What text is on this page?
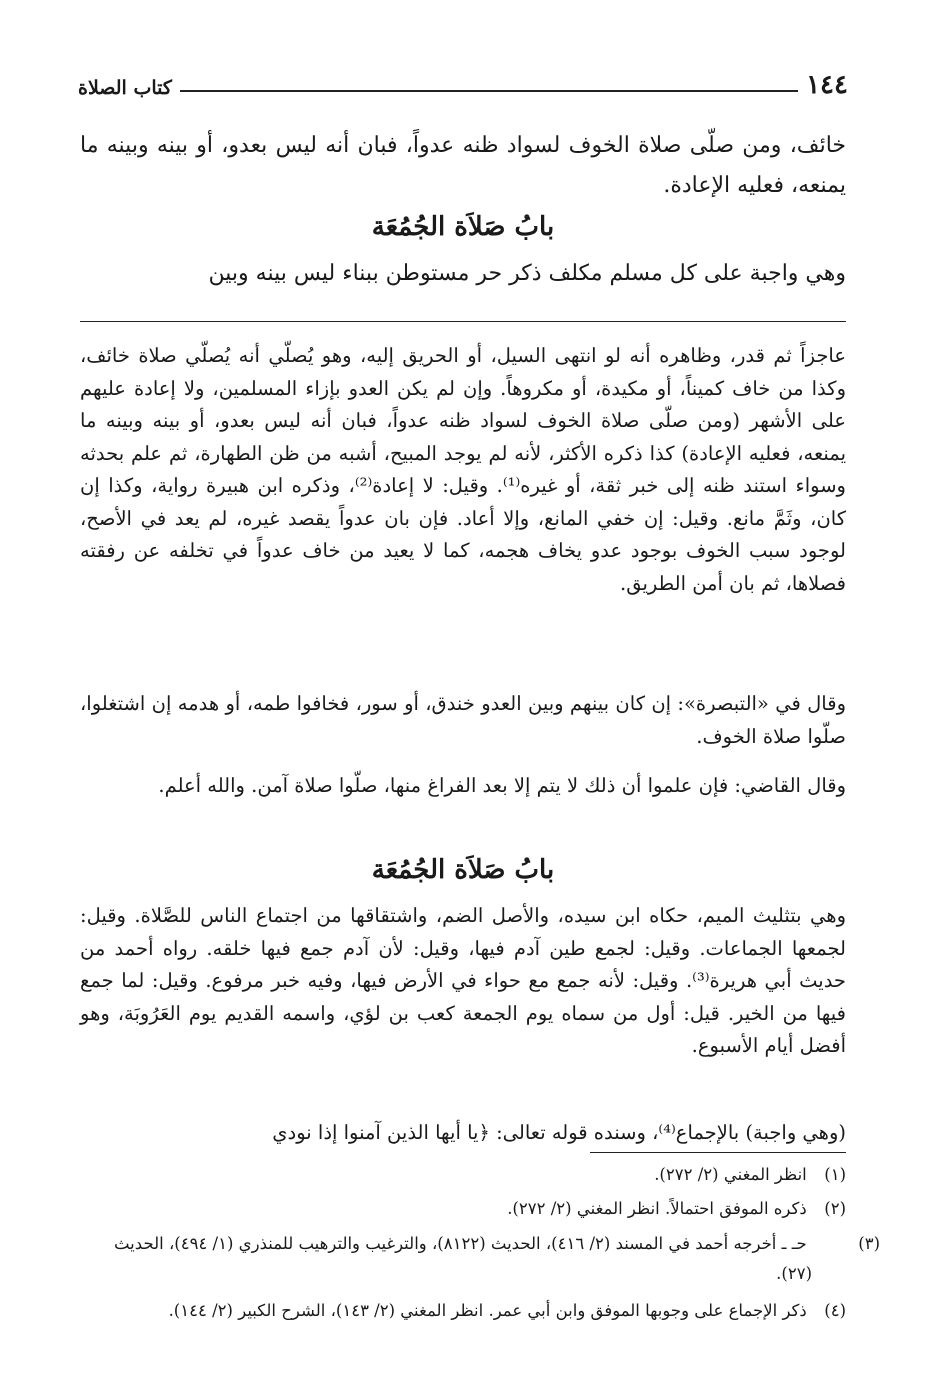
١٤٤
كتاب الصلاة

خائف، ومن صلّى صلاة الخوف لسواد ظنه عدواً، فبان أنه ليس بعدو، أو بينه وبينه ما يمنعه، فعليه الإعادة.

بابُ صَلاَة الجُمُعَة

وهي واجبة على كل مسلم مكلف ذكر حر مستوطن ببناء ليس بينه وبين

عاجزاً ثم قدر، وظاهره أنه لو انتهى السيل، أو الحريق إليه، وهو يُصلّي أنه يُصلّي صلاة خائف، وكذا من خاف كميناً، أو مكيدة، أو مكروهاً. وإن لم يكن العدو بإزاء المسلمين، ولا إعادة عليهم على الأشهر (ومن صلّى صلاة الخوف لسواد ظنه عدواً، فبان أنه ليس بعدو، أو بينه وبينه ما يمنعه، فعليه الإعادة) كذا ذكره الأكثر، لأنه لم يوجد المبيح، أشبه من ظن الطهارة، ثم علم بحدثه وسواء استند ظنه إلى خبر ثقة، أو غيره⁽¹⁾. وقيل: لا إعادة⁽²⁾، وذكره ابن هبيرة رواية، وكذا إن كان، وثَمَّ مانع. وقيل: إن خفي المانع، وإلا أعاد. فإن بان عدواً يقصد غيره، لم يعد في الأصح، لوجود سبب الخوف بوجود عدو يخاف هجمه، كما لا يعيد من خاف عدواً في تخلفه عن رفقته فصلاها، ثم بان أمن الطريق.

وقال في «التبصرة»: إن كان بينهم وبين العدو خندق، أو سور، فخافوا طمه، أو هدمه إن اشتغلوا، صلّوا صلاة الخوف.

وقال القاضي: فإن علموا أن ذلك لا يتم إلا بعد الفراغ منها، صلّوا صلاة آمن. والله أعلم.

بابُ صَلاَة الجُمُعَة

وهي بتثليث الميم، حكاه ابن سيده، والأصل الضم، واشتقاقها من اجتماع الناس للصَّلاة. وقيل: لجمعها الجماعات. وقيل: لجمع طين آدم فيها، وقيل: لأن آدم جمع فيها خلقه. رواه أحمد من حديث أبي هريرة⁽³⁾. وقيل: لأنه جمع مع حواء في الأرض فيها، وفيه خبر مرفوع. وقيل: لما جمع فيها من الخير. قيل: أول من سماه يوم الجمعة كعب بن لؤي، واسمه القديم يوم العَرُوبَة، وهو أفضل أيام الأسبوع.

(وهي واجبة) بالإجماع⁽⁴⁾، وسنده قوله تعالى: ﴿يا أيها الذين آمنوا إذا نودي

(١) انظر المغني (٢/ ٢٧٢).

(٢) ذكره الموفق احتمالاً. انظر المغني (٢/ ٢٧٢).

(٣) حـ ـ أخرجه أحمد في المسند (٢/ ٤١٦)، الحديث (٨١٢٢)، والترغيب والترهيب للمنذري (١/ ٤٩٤)، الحديث (٢٧).

(٤) ذكر الإجماع على وجوبها الموفق وابن أبي عمر. انظر المغني (٢/ ١٤٣)، الشرح الكبير (٢/ ١٤٤).
